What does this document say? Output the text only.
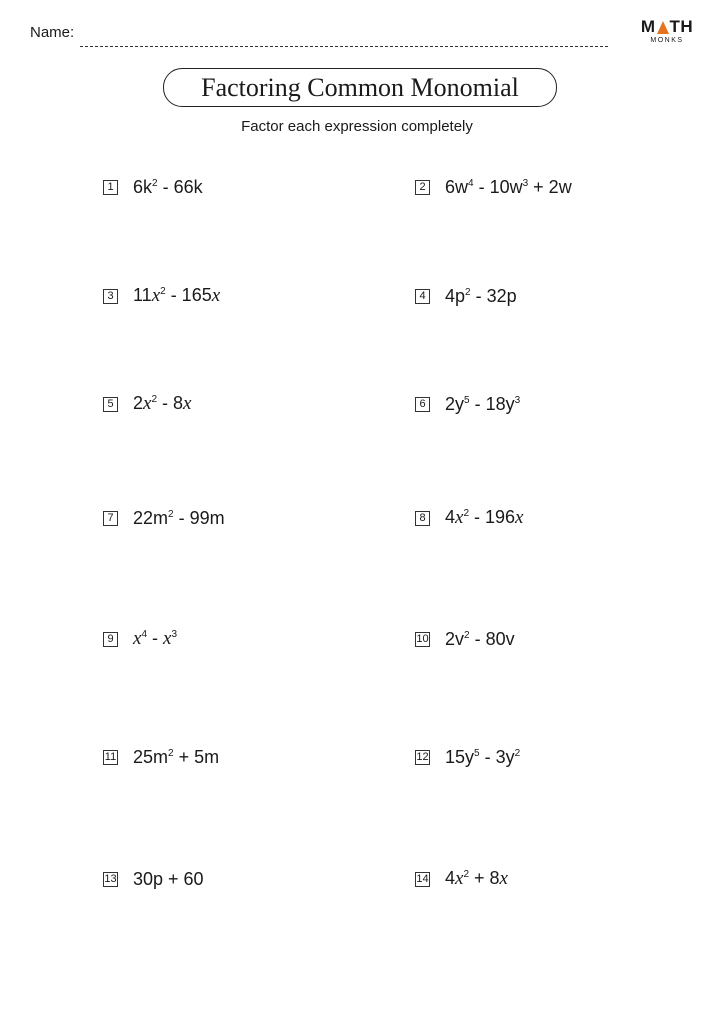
Name:	M TH
MONKS
Factoring Common Monomial
Factor each expression completely
1 $6k^2 - 66k$	2 $6w^4 - 10w^3 + 2w$
3 $11x^2 - 165x$	4 $4p^2 - 32p$
5 $2x^2 - 8x$	6 $2y^5 - 18y^3$
7 $22m^2 - 99m$	8 $4x^2 - 196x$
9 $x^4 - x^3$	10 $2v^2 - 80v$
11 $25m^2 + 5m$	12 $15y^5 - 3y^2$
13 30p + 60	14 $4x^2 + 8x$
